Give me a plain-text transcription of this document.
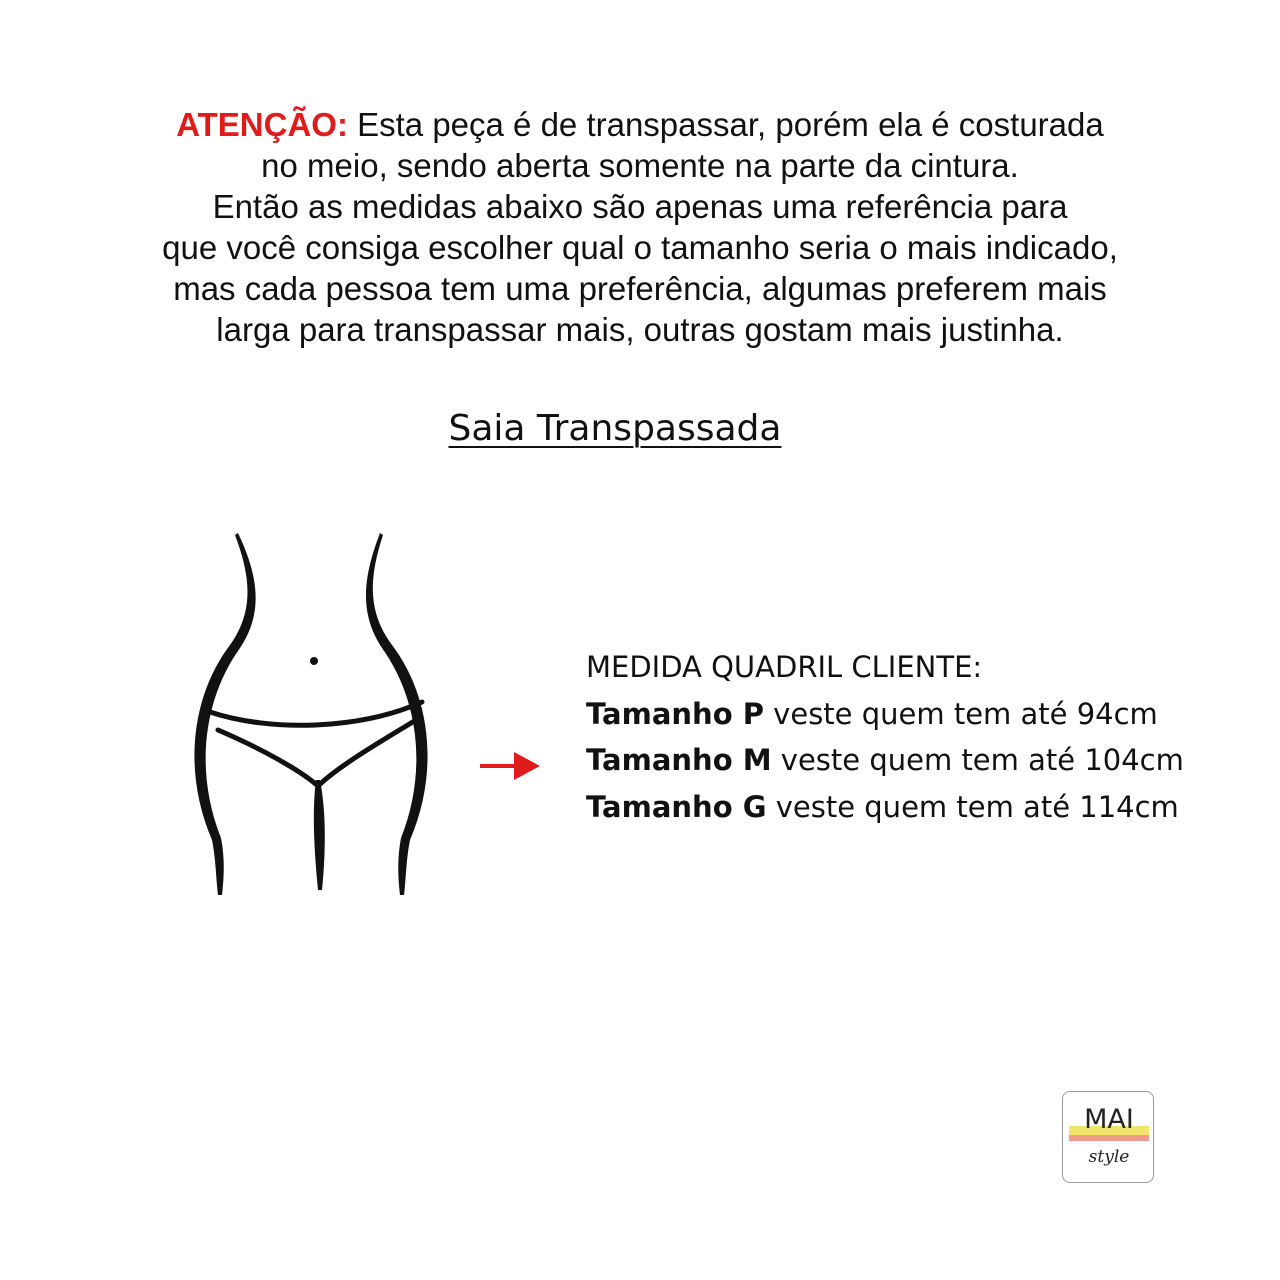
ATENÇÃO: Esta peça é de transpassar, porém ela é costurada
no meio, sendo aberta somente na parte da cintura.
Então as medidas abaixo são apenas uma referência para
que você consiga escolher qual o tamanho seria o mais indicado,
mas cada pessoa tem uma preferência, algumas preferem mais
larga para transpassar mais, outras gostam mais justinha.
Saia Transpassada
MEDIDA QUADRIL CLIENTE:
Tamanho P veste quem tem até 94cm
Tamanho M veste quem tem até 104cm
Tamanho G veste quem tem até 114cm
MAI
style
